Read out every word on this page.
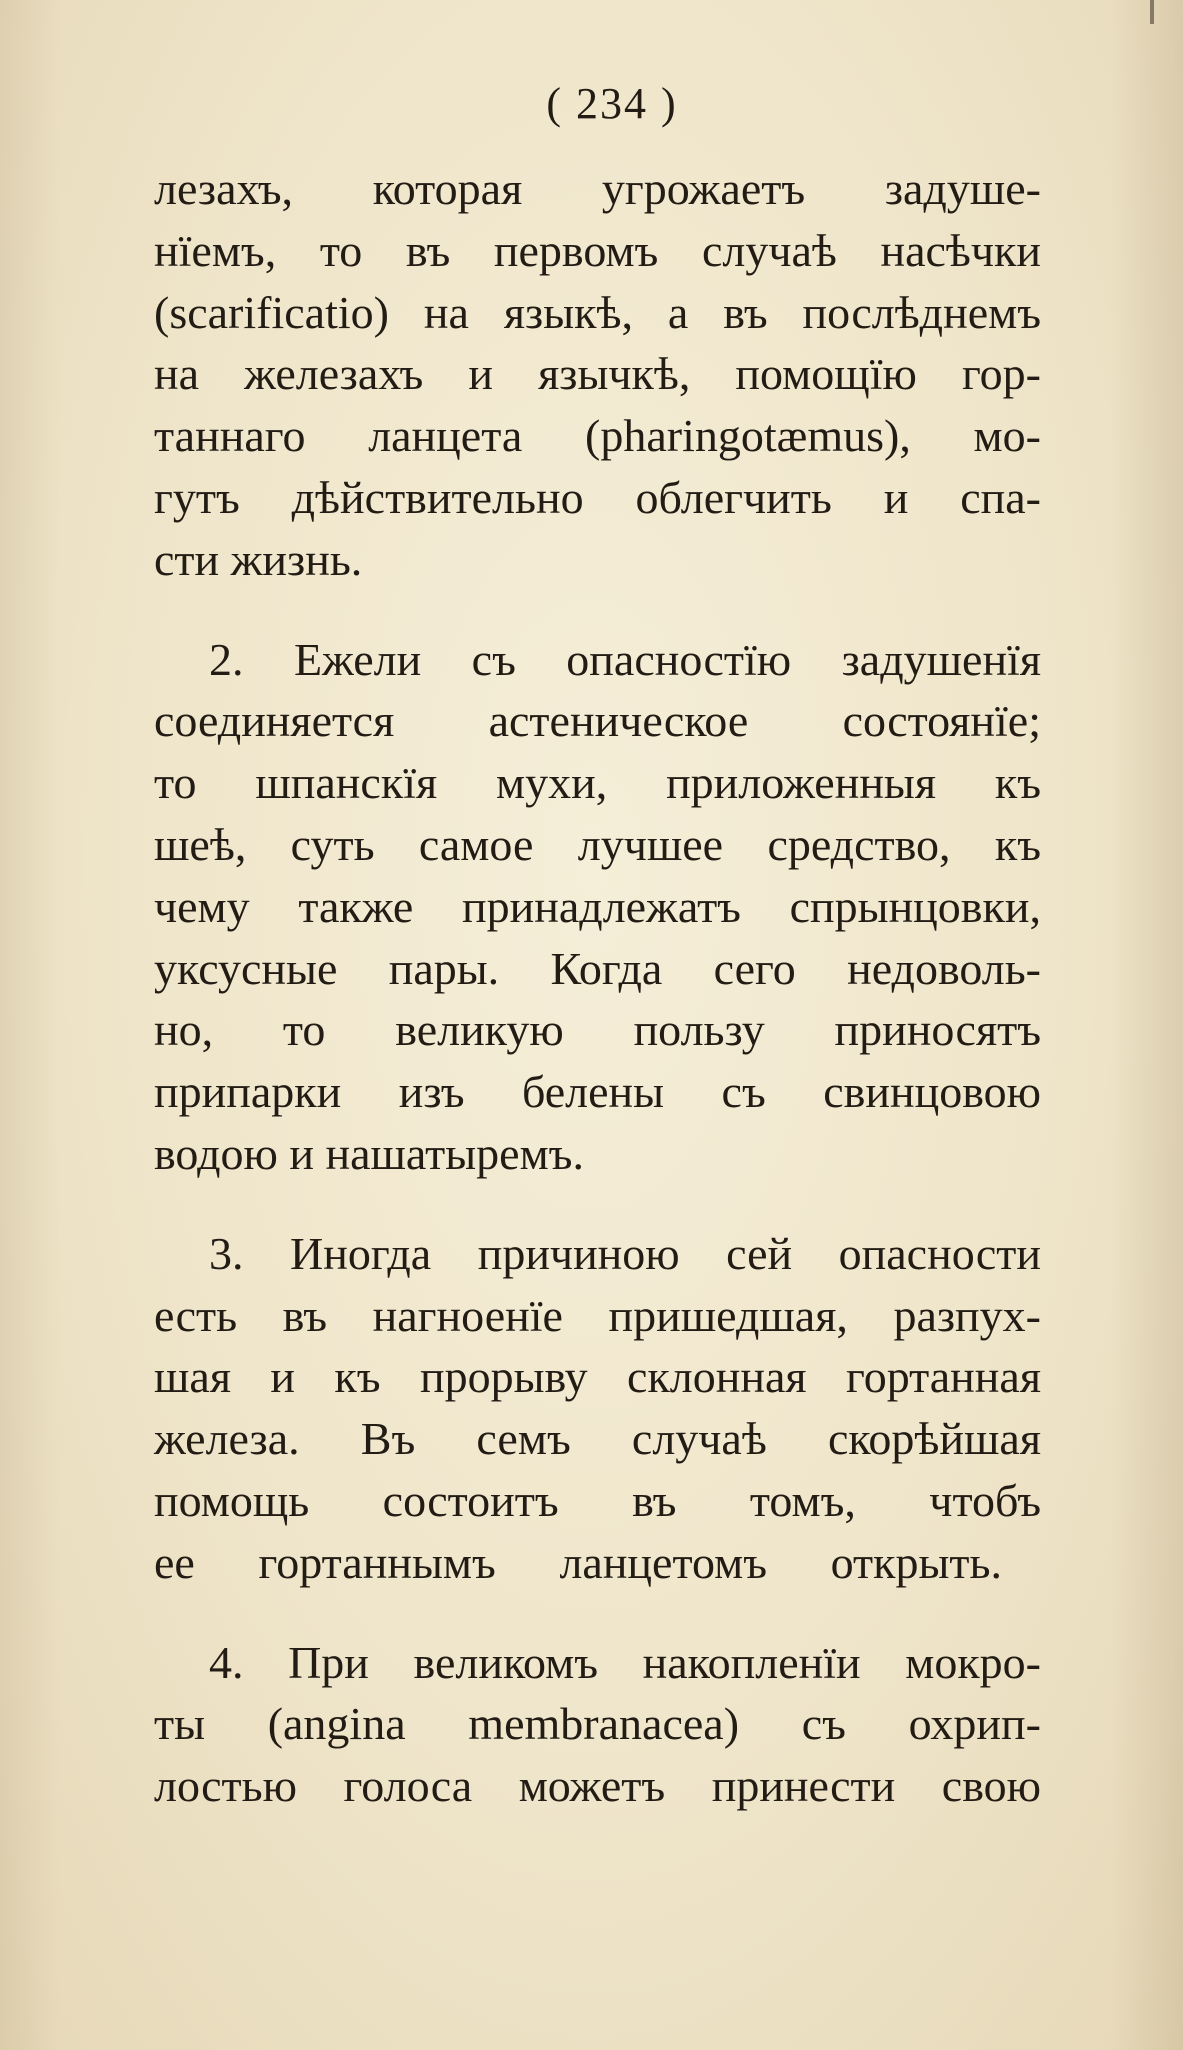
( 234 )
лезахъ, которая угрожаетъ задуше-
нїемъ, то въ первомъ случаѣ насѣчки
(scarificatio) на языкѣ, а въ послѣднемъ
на железахъ и язычкѣ, помощїю гор-
таннаго ланцета (pharingotæmus), мо-
гутъ дѣйствительно облегчить и спа-
сти жизнь.
2. Ежели съ опасностїю задушенїя
соединяется астеническое состоянїе;
то шпанскїя мухи, приложенныя къ
шеѣ, суть самое лучшее средство, къ
чему также принадлежатъ спрынцовки,
уксусные пары. Когда сего недоволь-
но, то великую пользу приносятъ
припарки изъ белены съ свинцовою
водою и нашатыремъ.
3. Иногда причиною сей опасности
есть въ нагноенїе пришедшая, разпух-
шая и къ прорыву склонная гортанная
железа. Въ семъ случаѣ скорѣйшая
помощь состоитъ въ томъ, чтобъ
ее гортаннымъ ланцетомъ открыть.
4. При великомъ накопленїи мокро-
ты (angina membranacea) съ охрип-
лостью голоса можетъ принести свою
